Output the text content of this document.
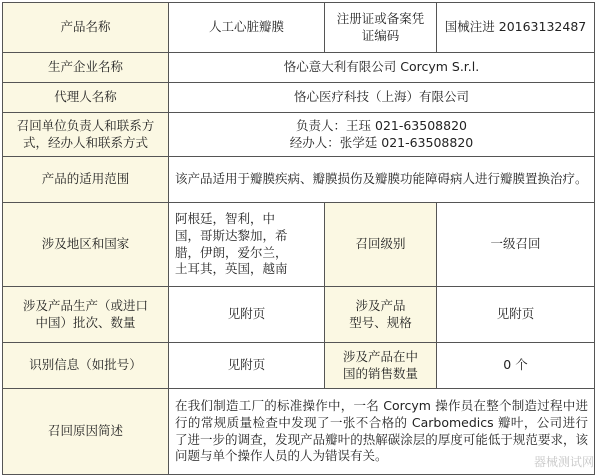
产品名称	人工心脏瓣膜	注册证或备案凭证编码	国械注进 20163132487
生产企业名称	恪心意大利有限公司 Corcym S.r.l.		
代理人名称	恪心医疗科技（上海）有限公司		

召回单位负责人和联系方
式，经办人和联系方式	负责人：王珏 021-63508820
经办人：张学廷 021-63508820		

产品的适用范围	该产品适用于瓣膜疾病、瓣膜损伤及瓣膜功能障碍病人进行瓣膜置换治疗。		
涉及地区和国家	阿根廷，智利，中
国，哥斯达黎加，希
腊，伊朗，爱尔兰，
土耳其，英国，越南	召回级别	一级召回

涉及产品生产（或进口
中国）批次、数量	见附页	涉及产品
型号、规格	见附页
识别信息（如批号）	见附页	涉及产品在中
国的销售数量	0 个
召回原因简述	在我们制造工厂的标准操作中，一名 Corcym 操作员在整个制造过程中进行的常规质量检查中发现了一张不合格的 Carbomedics 瓣叶，公司进行了进一步的调查，发现产品瓣叶的热解碳涂层的厚度可能低于规范要求，该问题与单个操作人员的人为错误有关。			器械测试网
